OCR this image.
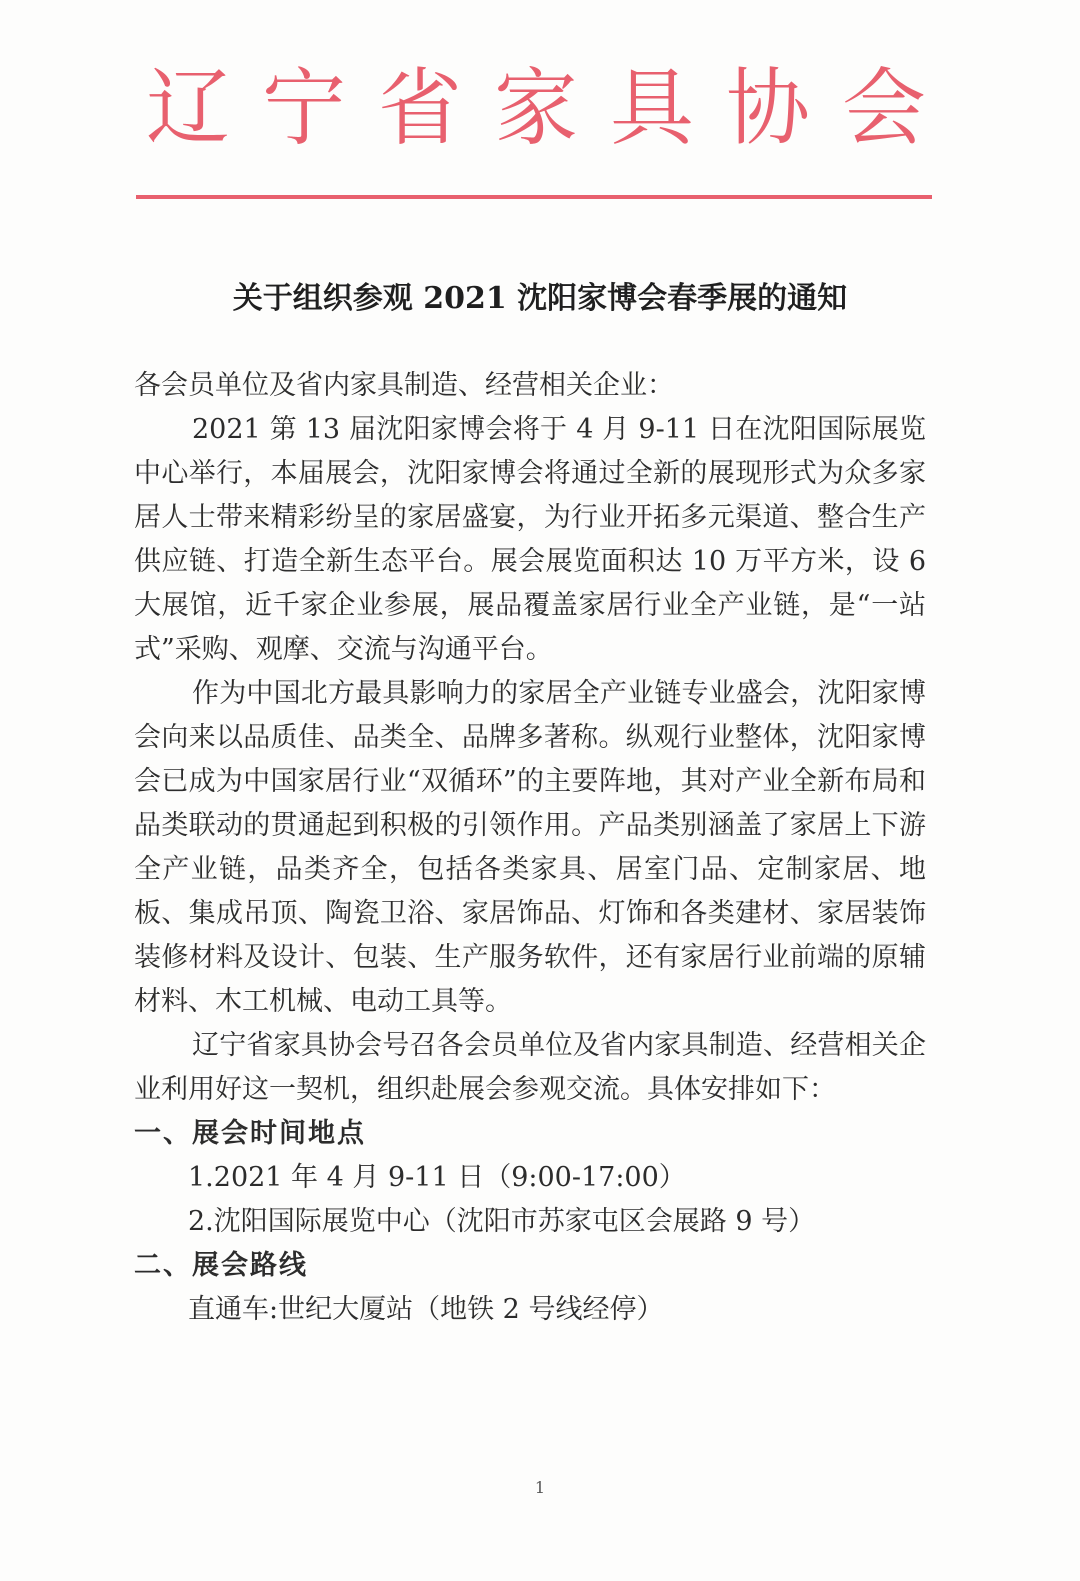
辽 宁 省 家 具 协 会
关于组织参观 2021 沈阳家博会春季展的通知

各会员单位及省内家具制造、经营相关企业：

2021 第 13 届沈阳家博会将于 4 月 9-11 日在沈阳国际展览中心举行，本届展会，沈阳家博会将通过全新的展现形式为众多家居人士带来精彩纷呈的家居盛宴，为行业开拓多元渠道、整合生产供应链、打造全新生态平台。展会展览面积达 10 万平方米，设 6 大展馆，近千家企业参展，展品覆盖家居行业全产业链，是“一站式”采购、观摩、交流与沟通平台。

作为中国北方最具影响力的家居全产业链专业盛会，沈阳家博会向来以品质佳、品类全、品牌多著称。纵观行业整体，沈阳家博会已成为中国家居行业“双循环”的主要阵地，其对产业全新布局和品类联动的贯通起到积极的引领作用。产品类别涵盖了家居上下游全产业链，品类齐全，包括各类家具、居室门品、定制家居、地板、集成吊顶、陶瓷卫浴、家居饰品、灯饰和各类建材、家居装饰装修材料及设计、包装、生产服务软件，还有家居行业前端的原辅材料、木工机械、电动工具等。

辽宁省家具协会号召各会员单位及省内家具制造、经营相关企业利用好这一契机，组织赴展会参观交流。具体安排如下：

一、展会时间地点

1.2021 年 4 月 9-11 日（9:00-17:00）

2.沈阳国际展览中心（沈阳市苏家屯区会展路 9 号）

二、展会路线

直通车:世纪大厦站（地铁 2 号线经停）

1
